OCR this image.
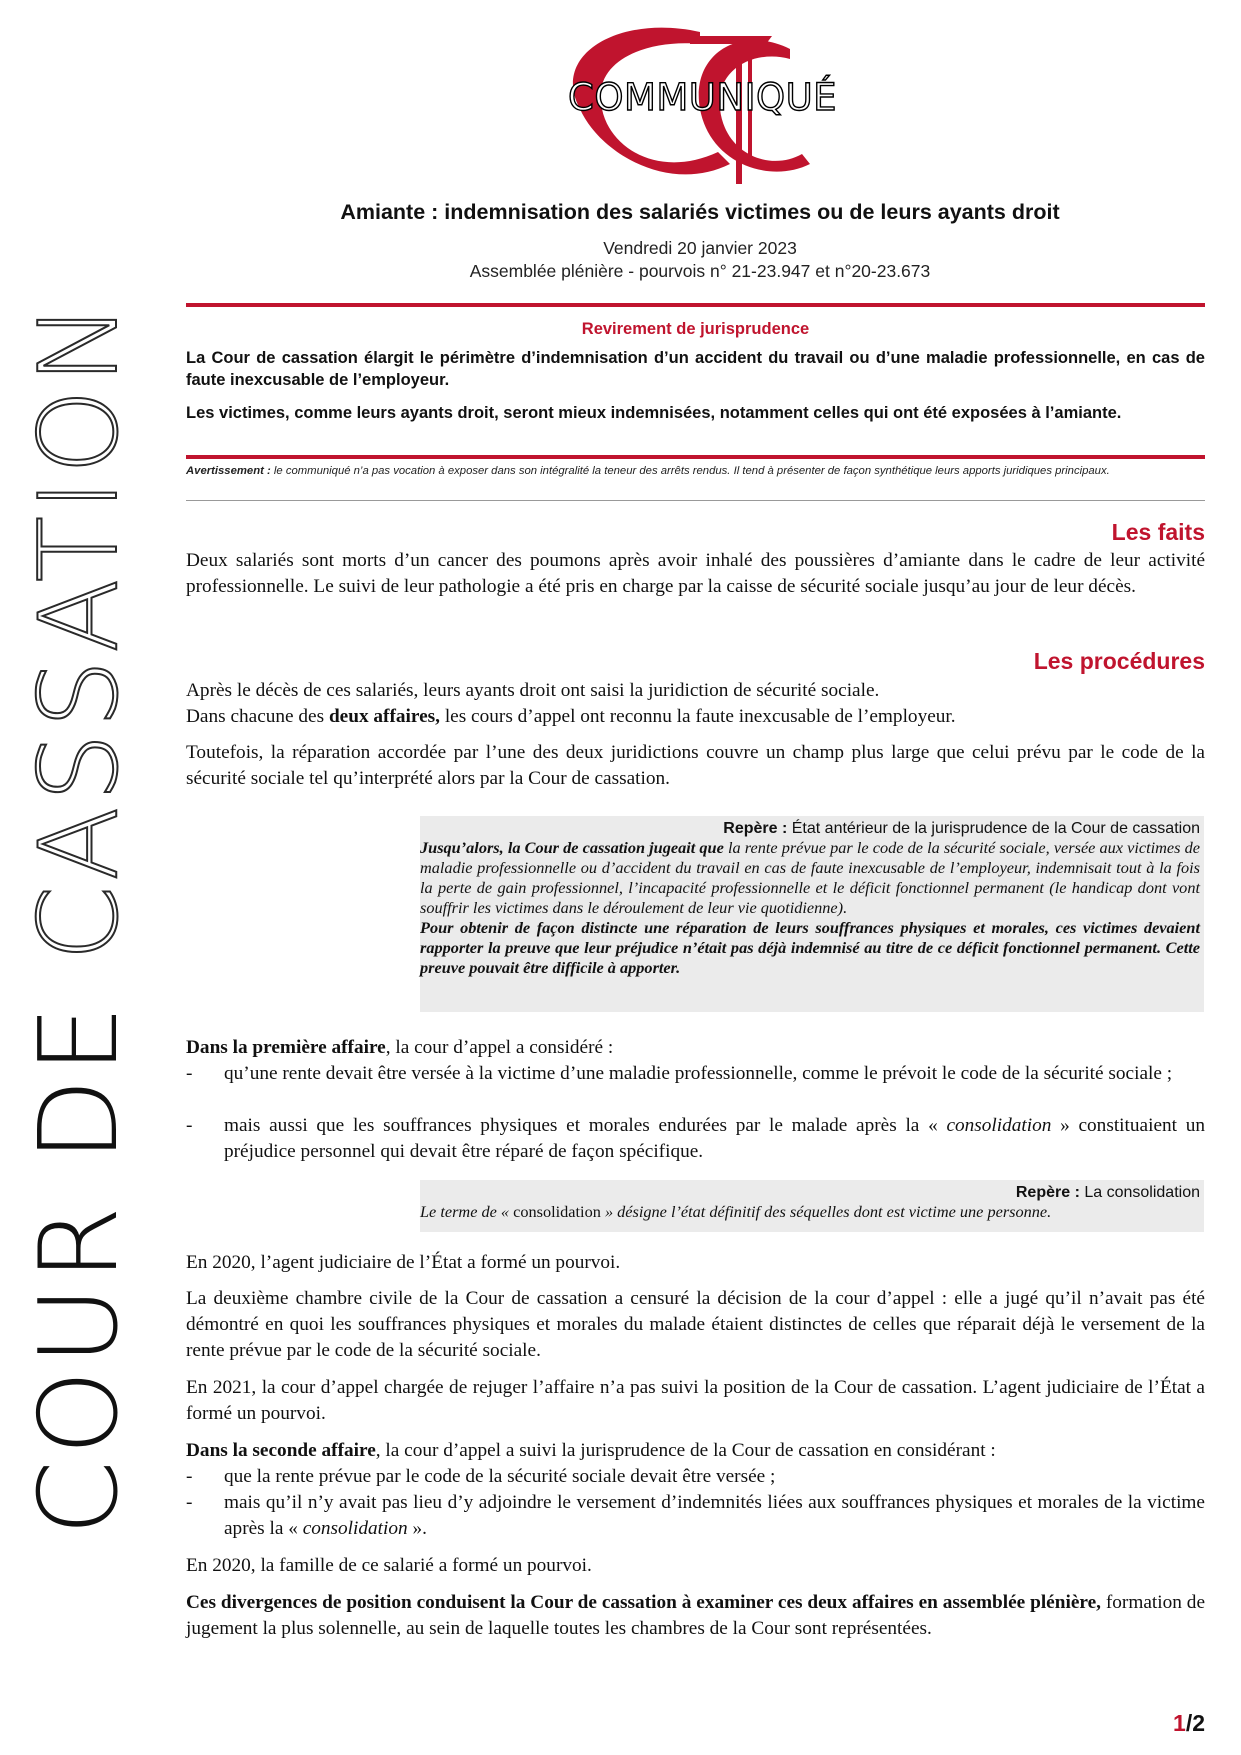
COUR DE CASSATION
COMMUNIQUÉ
Amiante : indemnisation des salariés victimes ou de leurs ayants droit
Vendredi 20 janvier 2023
Assemblée plénière - pourvois n° 21-23.947 et n°20-23.673
Revirement de jurisprudence
La Cour de cassation élargit le périmètre d’indemnisation d’un accident du travail ou d’une maladie professionnelle, en cas de faute inexcusable de l’employeur.
Les victimes, comme leurs ayants droit, seront mieux indemnisées, notamment celles qui ont été exposées à l’amiante.
Avertissement : le communiqué n’a pas vocation à exposer dans son intégralité la teneur des arrêts rendus. Il tend à présenter de façon synthétique leurs apports juridiques principaux.
Les faits

Deux salariés sont morts d’un cancer des poumons après avoir inhalé des poussières d’amiante dans le cadre de leur activité professionnelle. Le suivi de leur pathologie a été pris en charge par la caisse de sécurité sociale jusqu’au jour de leur décès.

Les procédures

Après le décès de ces salariés, leurs ayants droit ont saisi la juridiction de sécurité sociale.

Dans chacune des deux affaires, les cours d’appel ont reconnu la faute inexcusable de l’employeur.

Toutefois, la réparation accordée par l’une des deux juridictions couvre un champ plus large que celui prévu par le code de la sécurité sociale tel qu’interprété alors par la Cour de cassation.

Repère : État antérieur de la jurisprudence de la Cour de cassation
Jusqu’alors, la Cour de cassation jugeait que la rente prévue par le code de la sécurité sociale, versée aux victimes de maladie professionnelle ou d’accident du travail en cas de faute inexcusable de l’employeur, indemnisait tout à la fois la perte de gain professionnel, l’incapacité professionnelle et le déficit fonctionnel permanent (le handicap dont vont souffrir les victimes dans le déroulement de leur vie quotidienne).
Pour obtenir de façon distincte une réparation de leurs souffrances physiques et morales, ces victimes devaient rapporter la preuve que leur préjudice n’était pas déjà indemnisé au titre de ce déficit fonctionnel permanent. Cette preuve pouvait être difficile à apporter.

Dans la première affaire, la cour d’appel a considéré :

- qu’une rente devait être versée à la victime d’une maladie professionnelle, comme le prévoit le code de la sécurité sociale ;
- mais aussi que les souffrances physiques et morales endurées par le malade après la « consolidation » constituaient un préjudice personnel qui devait être réparé de façon spécifique.
Repère : La consolidation
Le terme de « consolidation » désigne l’état définitif des séquelles dont est victime une personne.

En 2020, l’agent judiciaire de l’État a formé un pourvoi.

La deuxième chambre civile de la Cour de cassation a censuré la décision de la cour d’appel : elle a jugé qu’il n’avait pas été démontré en quoi les souffrances physiques et morales du malade étaient distinctes de celles que réparait déjà le versement de la rente prévue par le code de la sécurité sociale.

En 2021, la cour d’appel chargée de rejuger l’affaire n’a pas suivi la position de la Cour de cassation. L’agent judiciaire de l’État a formé un pourvoi.

Dans la seconde affaire, la cour d’appel a suivi la jurisprudence de la Cour de cassation en considérant :

- que la rente prévue par le code de la sécurité sociale devait être versée ;
- mais qu’il n’y avait pas lieu d’y adjoindre le versement d’indemnités liées aux souffrances physiques et morales de la victime après la « consolidation ».

En 2020, la famille de ce salarié a formé un pourvoi.

Ces divergences de position conduisent la Cour de cassation à examiner ces deux affaires en assemblée plénière, formation de jugement la plus solennelle, au sein de laquelle toutes les chambres de la Cour sont représentées.

1/2
